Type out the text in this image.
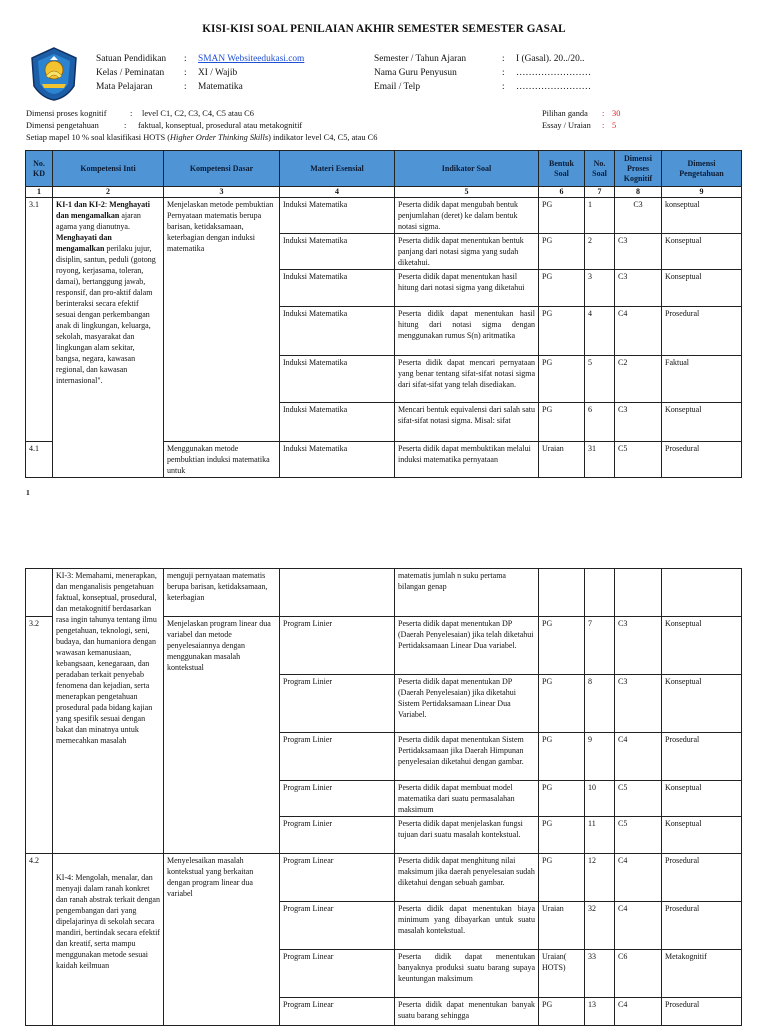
KISI-KISI SOAL PENILAIAN AKHIR SEMESTER SEMESTER GASAL
Satuan Pendidikan	:	SMAN Websiteedukasi.com
Kelas / Peminatan	:	XI / Wajib
Mata Pelajaran	:	Matematika
Semester / Tahun Ajaran	:	I (Gasal). 20../20..
Nama Guru Penyusun	:	……………………
Email / Telp	:	……………………
Dimensi proses kognitif	: level C1, C2, C3, C4, C5 atau C6
Dimensi pengetahuan	: faktual, konseptual, prosedural atau metakognitif
Setiap mapel 10 % soal klasifikasi HOTS (Higher Order Thinking Skills) indikator level C4, C5, atau C6
Pilihan ganda : 30
Essay / Uraian : 5
No. KD	Kompetensi Inti	Kompetensi Dasar	Materi Esensial	Indikator Soal	Bentuk Soal	No. Soal	Dimensi Proses Kognitif	Dimensi Pengetahuan
1	2	3	4	5	6	7	8	9
3.1	KI-1 dan KI-2: Menghayati dan mengamalkan ajaran agama yang dianutnya. Menghayati dan mengamalkan perilaku jujur, disiplin, santun, peduli (gotong royong, kerjasama, toleran, damai), bertanggung jawab, responsif, dan pro-aktif dalam berinteraksi secara efektif sesuai dengan perkembangan anak di lingkungan, keluarga, sekolah, masyarakat dan lingkungan alam sekitar, bangsa, negara, kawasan regional, dan kawasan internasional".	Menjelaskan metode pembuktian Pernyataan matematis berupa barisan, ketidaksamaan, keterbagian dengan induksi matematika	Induksi Matematika	Peserta didik dapat mengubah bentuk penjumlahan (deret) ke dalam bentuk notasi sigma.	PG	1	C3	konseptual
			Induksi Matematika	Peserta didik dapat menentukan bentuk panjang dari notasi sigma yang sudah diketahui.	PG	2	C3	Konseptual
			Induksi Matematika	Peserta didik dapat menentukan hasil hitung dari notasi sigma yang diketahui	PG	3	C3	Konseptual
			Induksi Matematika	Peserta didik dapat menentukan hasil hitung dari notasi sigma dengan menggunakan rumus S(n) aritmatika	PG	4	C4	Prosedural
			Induksi Matematika	Peserta didik dapat mencari pernyataan yang benar tentang sifat-sifat notasi sigma dari sifat-sifat yang telah disediakan.	PG	5	C2	Faktual
			Induksi Matematika	Mencari bentuk equivalensi dari salah satu sifat-sifat notasi sigma. Misal: sifat	PG	6	C3	Konseptual
4.1		Menggunakan metode pembuktian induksi matematika untuk	Induksi Matematika	Peserta didik dapat membuktikan melalui induksi matematika pernyataan	Uraian	31	C5	Prosedural
1
	KI-3: Memahami, menerapkan, dan menganalisis pengetahuan faktual, konseptual, prosedural, dan metakognitif berdasarkan rasa ingin tahunya tentang ilmu pengetahuan, teknologi, seni, budaya, dan humaniora dengan wawasan kemanusiaan, kebangsaan, kenegaraan, dan peradaban terkait penyebab fenomena dan kejadian, serta menerapkan pengetahuan prosedural pada bidang kajian yang spesifik sesuai dengan bakat dan minatnya untuk memecahkan masalah	menguji pernyataan matematis berupa barisan, ketidaksamaan, keterbagian		matematis jumlah n suku pertama bilangan genap				
3.2		Menjelaskan program linear dua variabel dan metode penyelesaiannya dengan menggunakan masalah kontekstual	Program Linier	Peserta didik dapat menentukan DP (Daerah Penyelesaian) jika telah diketahui Pertidaksamaan Linear Dua variabel.	PG	7	C3	Konseptual
			Program Linier	Peserta didik dapat menentukan DP (Daerah Penyelesaian) jika diketahui Sistem Pertidaksamaan Linear Dua Variabel.	PG	8	C3	Konseptual
			Program Linier	Peserta didik dapat menentukan Sistem Pertidaksamaan jika Daerah Himpunan penyelesaian diketahui dengan gambar.	PG	9	C4	Prosedural
			Program Linier	Peserta didik dapat membuat model matematika dari suatu permasalahan maksimum	PG	10	C5	Konseptual
			Program Linier	Peserta didik dapat menjelaskan fungsi tujuan dari suatu masalah kontekstual.	PG	11	C5	Konseptual
4.2	KI-4: Mengolah, menalar, dan menyaji dalam ranah konkret dan ranah abstrak terkait dengan pengembangan dari yang dipelajarinya di sekolah secara mandiri, bertindak secara efektif dan kreatif, serta mampu menggunakan metode sesuai kaidah keilmuan	Menyelesaikan masalah kontekstual yang berkaitan dengan program linear dua variabel	Program Linear	Peserta didik dapat menghitung nilai maksimum jika daerah penyelesaian sudah diketahui dengan sebuah gambar.	PG	12	C4	Prosedural
			Program Linear	Peserta didik dapat menentukan biaya minimum yang dibayarkan untuk suatu masalah kontekstual.	Uraian	32	C4	Prosedural
			Program Linear	Peserta didik dapat menentukan banyaknya produksi suatu barang supaya keuntungan maksimum	Uraian( HOTS)	33	C6	Metakognitif
			Program Linear	Peserta didik dapat menentukan banyak suatu barang sehingga	PG	13	C4	Prosedural
